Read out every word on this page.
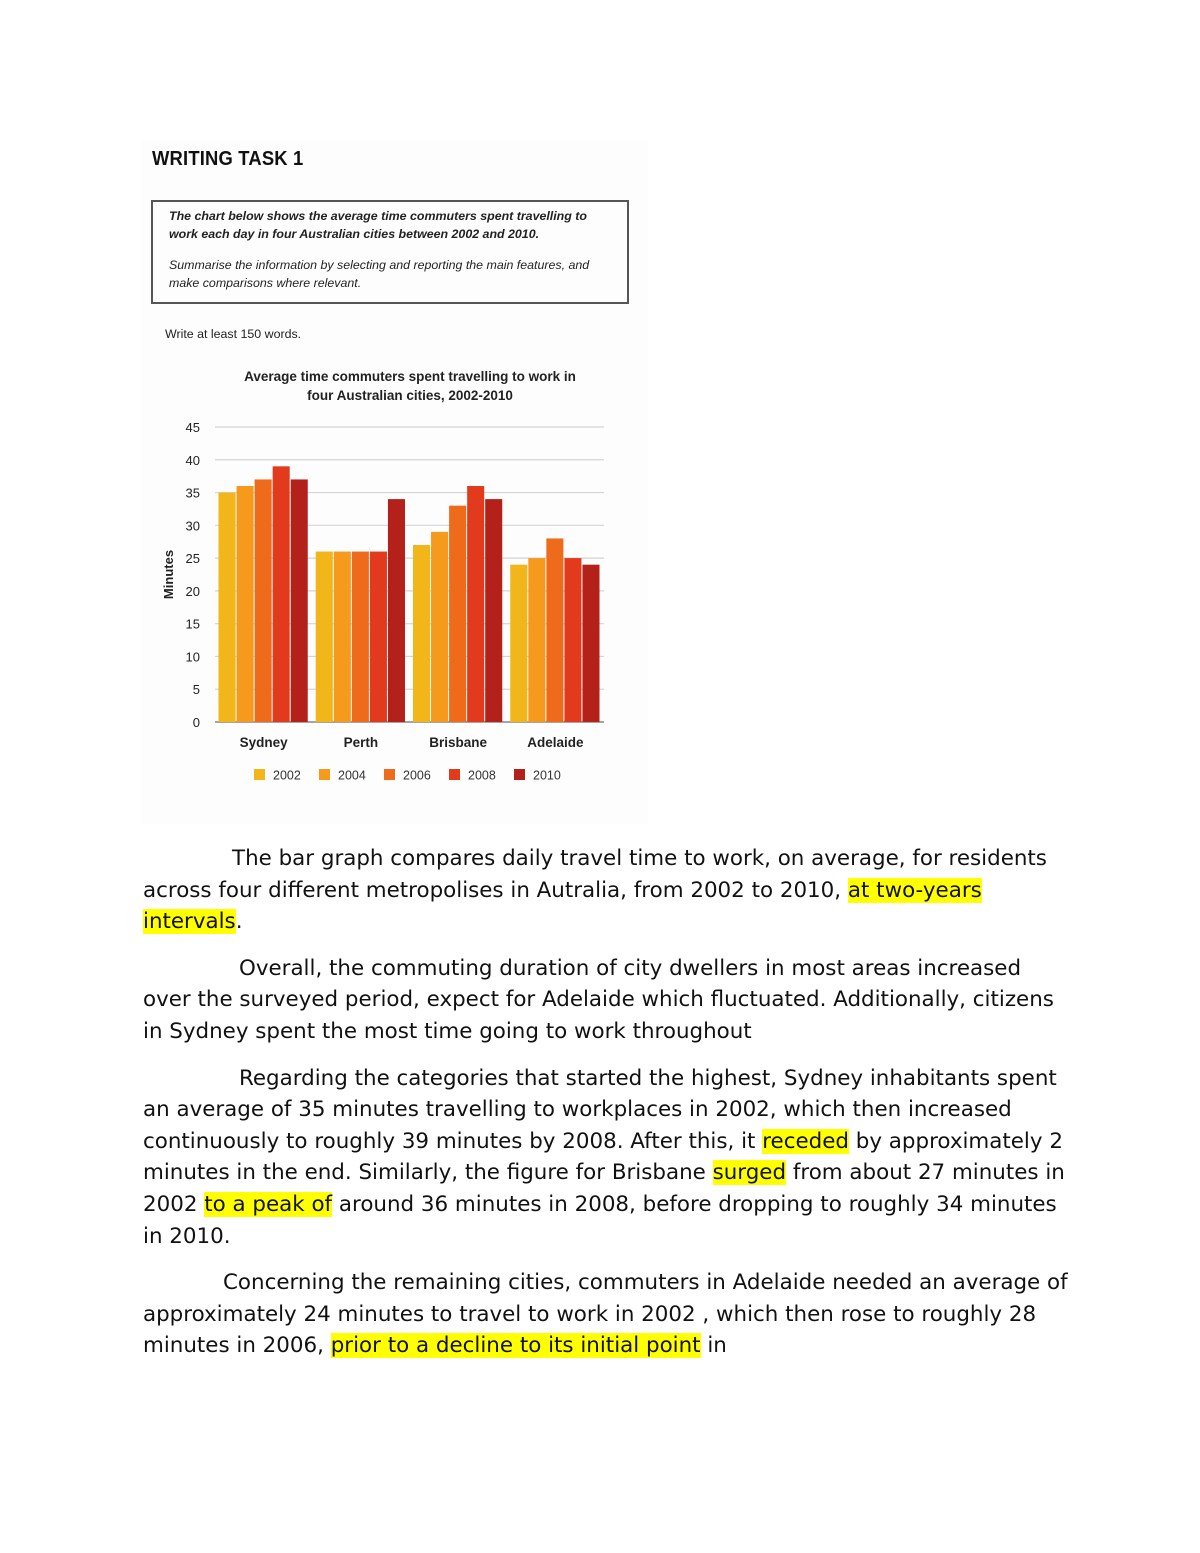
WRITING TASK 1
The chart below shows the average time commuters spent travelling to work each day in four Australian cities between 2002 and 2010.
Summarise the information by selecting and reporting the main features, and make comparisons where relevant.
Write at least 150 words.
Average time commuters spent travelling to work in
four Australian cities, 2002-2010
0
5
10
15
20
25
30
35
40
45
Minutes
Sydney	Perth	Brisbane	Adelaide
2002	2004	2006	2008	2010

The bar graph compares daily travel time to work, on average, for residents across four different metropolises in Autralia, from 2002 to 2010, at two-years intervals.

Overall, the commuting duration of city dwellers in most areas increased over the surveyed period, expect for Adelaide which fluctuated. Additionally, citizens in Sydney spent the most time going to work throughout

Regarding the categories that started the highest, Sydney inhabitants spent an average of 35 minutes travelling to workplaces in 2002, which then increased continuously to roughly 39 minutes by 2008. After this, it receded by approximately 2 minutes in the end. Similarly, the figure for Brisbane surged from about 27 minutes in 2002 to a peak of around 36 minutes in 2008, before dropping to roughly 34 minutes in 2010.

Concerning the remaining cities, commuters in Adelaide needed an average of approximately 24 minutes to travel to work in 2002 , which then rose to roughly 28 minutes in 2006, prior to a decline to its initial point in
